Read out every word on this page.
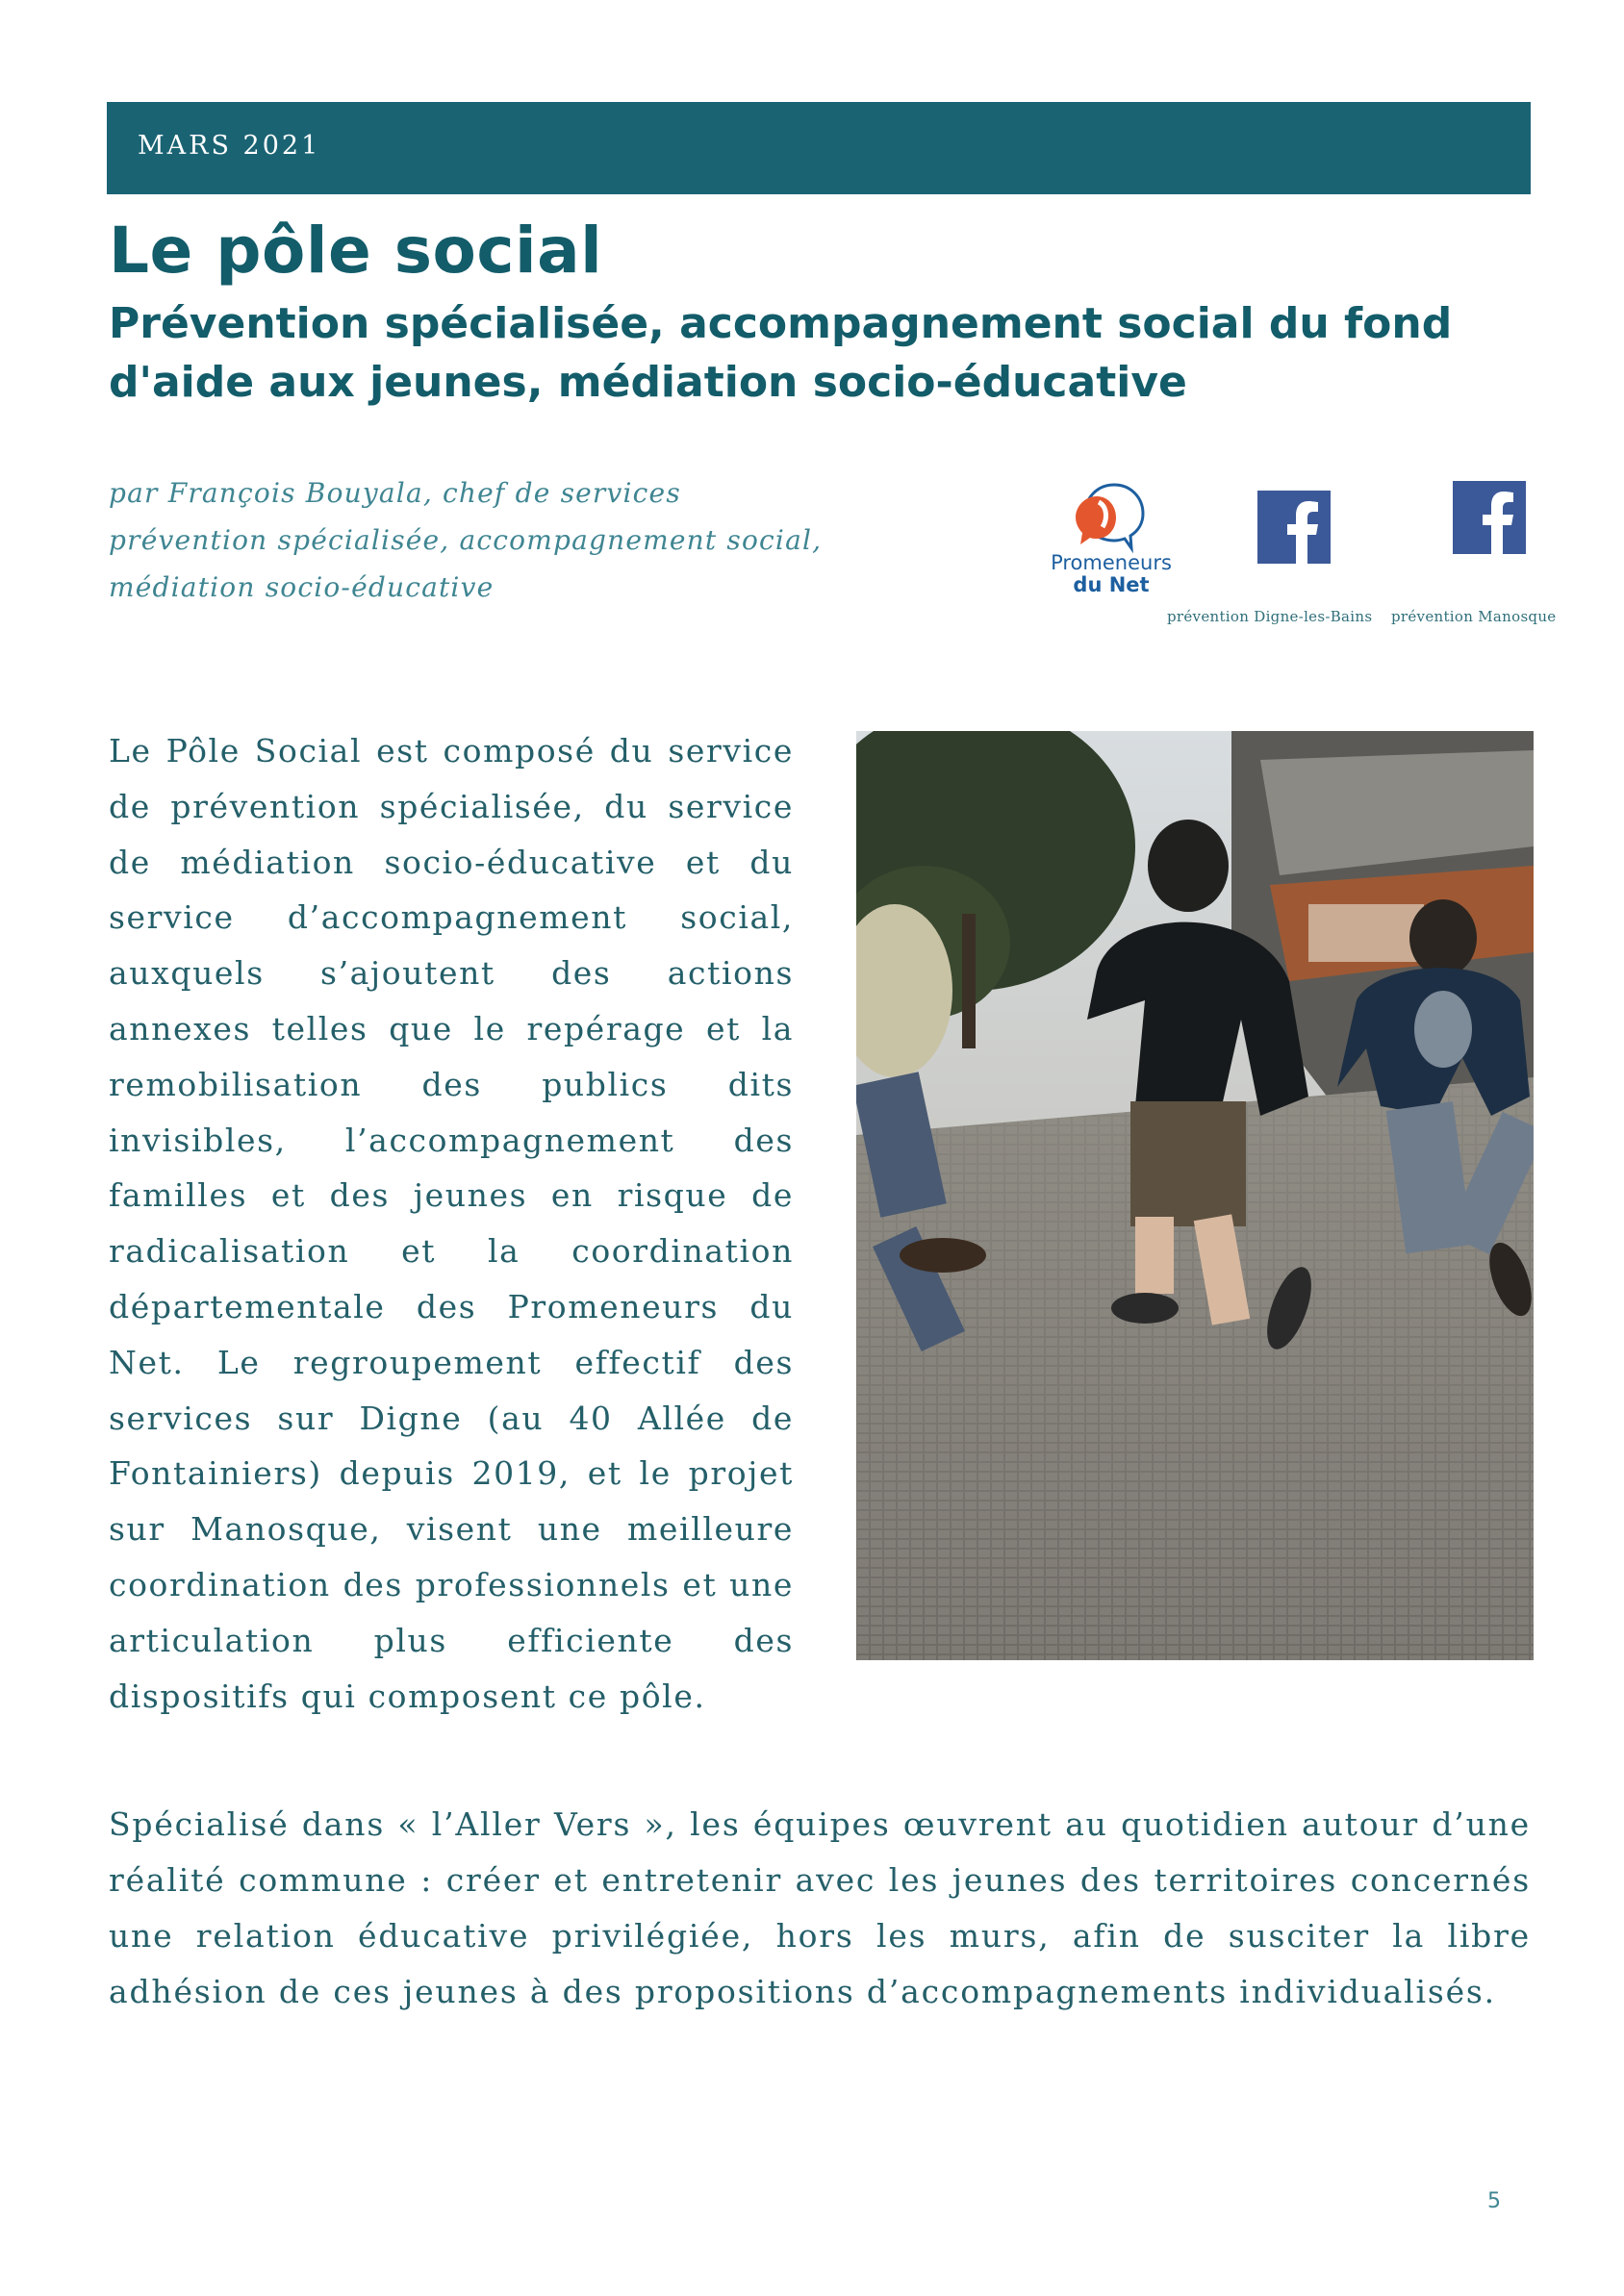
MARS 2021
Le pôle social
Prévention spécialisée, accompagnement social du fond d'aide aux jeunes, médiation socio-éducative
par François Bouyala, chef de services prévention spécialisée, accompagnement social, médiation socio-éducative
Promeneurs
du Net
prévention Digne-les-Bains prévention Manosque
Le Pôle Social est composé du service de prévention spécialisée, du service de médiation socio-éducative et du service d’accompagnement social, auxquels s’ajoutent des actions annexes telles que le repérage et la remobilisation des publics dits invisibles, l’accompagnement des familles et des jeunes en risque de radicalisation et la coordination départementale des Promeneurs du Net. Le regroupement effectif des services sur Digne (au 40 Allée de Fontainiers) depuis 2019, et le projet sur Manosque, visent une meilleure coordination des professionnels et une articulation plus efficiente des dispositifs qui composent ce pôle.
Spécialisé dans « l’Aller Vers », les équipes œuvrent au quotidien autour d’une réalité commune : créer et entretenir avec les jeunes des territoires concernés une relation éducative privilégiée, hors les murs, afin de susciter la libre adhésion de ces jeunes à des propositions d’accompagnements individualisés.
5
